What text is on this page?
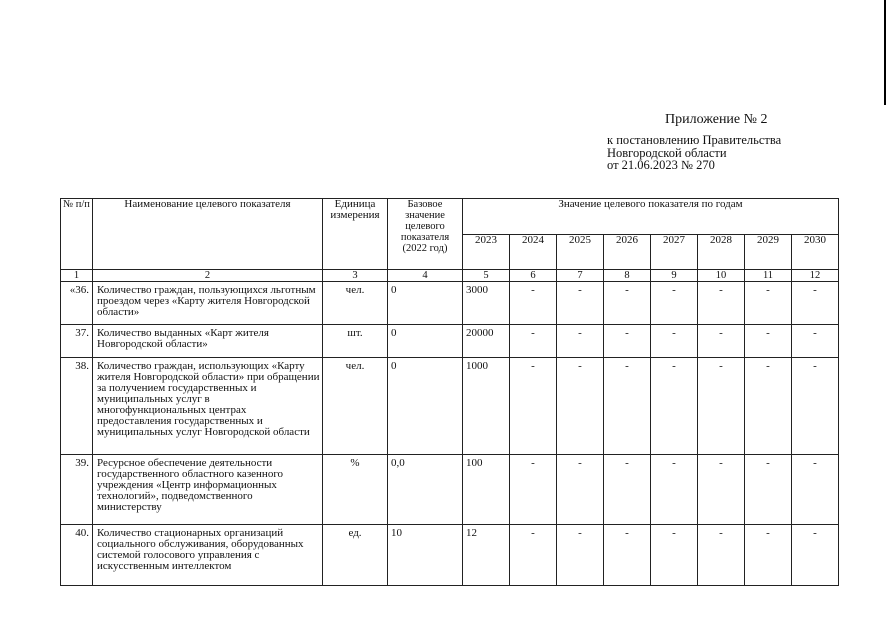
Приложение № 2
к постановлению Правительства
Новгородской области
от 21.06.2023 № 270
№ п/п	Наименование целевого показателя	Единица измерения	Базовое значение целевого показателя (2022 год)	Значение целевого показателя по годам							
				2023	2024	2025	2026	2027	2028	2029	2030
1	2	3	4	5	6	7	8	9	10	11	12
«36.	Количество граждан, пользующихся льготным проездом через «Карту жителя Новгородской области»	чел.	0	3000	-	-	-	-	-	-	-
37.	Количество выданных «Карт жителя Новгородской области»	шт.	0	20000	-	-	-	-	-	-	-
38.	Количество граждан, использующих «Карту жителя Новгородской области» при обращении за получением государственных и муниципальных услуг в многофункциональных центрах предоставления государственных и муниципальных услуг Новгородской области	чел.	0	1000	-	-	-	-	-	-	-
39.	Ресурсное обеспечение деятельности государственного областного казенного учреждения «Центр информационных технологий», подведомственного министерству	%	0,0	100	-	-	-	-	-	-	-
40.	Количество стационарных организаций социального обслуживания, оборудованных системой голосового управления с искусственным интеллектом	ед.	10	12	-	-	-	-	-	-	-
